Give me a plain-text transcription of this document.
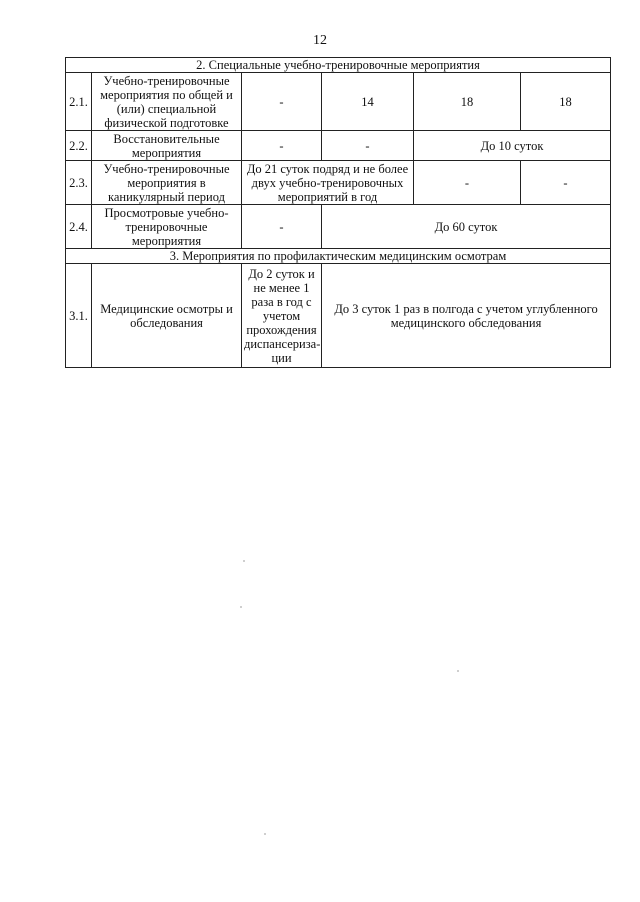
12
2. Специальные учебно-тренировочные мероприятия					
2.1.	Учебно-тренировочные мероприятия по общей и (или) специальной физической подготовке	-	14	18	18
2.2.	Восстановительные мероприятия	-	-	До 10 суток	
2.3.	Учебно-тренировочные мероприятия в каникулярный период	До 21 суток подряд и не более двух учебно-тренировочных мероприятий в год		-	-
2.4.	Просмотровые учебно-тренировочные мероприятия	-	До 60 суток		
3. Мероприятия по профилактическим медицинским осмотрам					
3.1.	Медицинские осмотры и обследования	До 2 суток и не менее 1 раза в год с учетом прохождения диспансериза-ции	До 3 суток 1 раз в полгода с учетом углубленного медицинского обследования		
